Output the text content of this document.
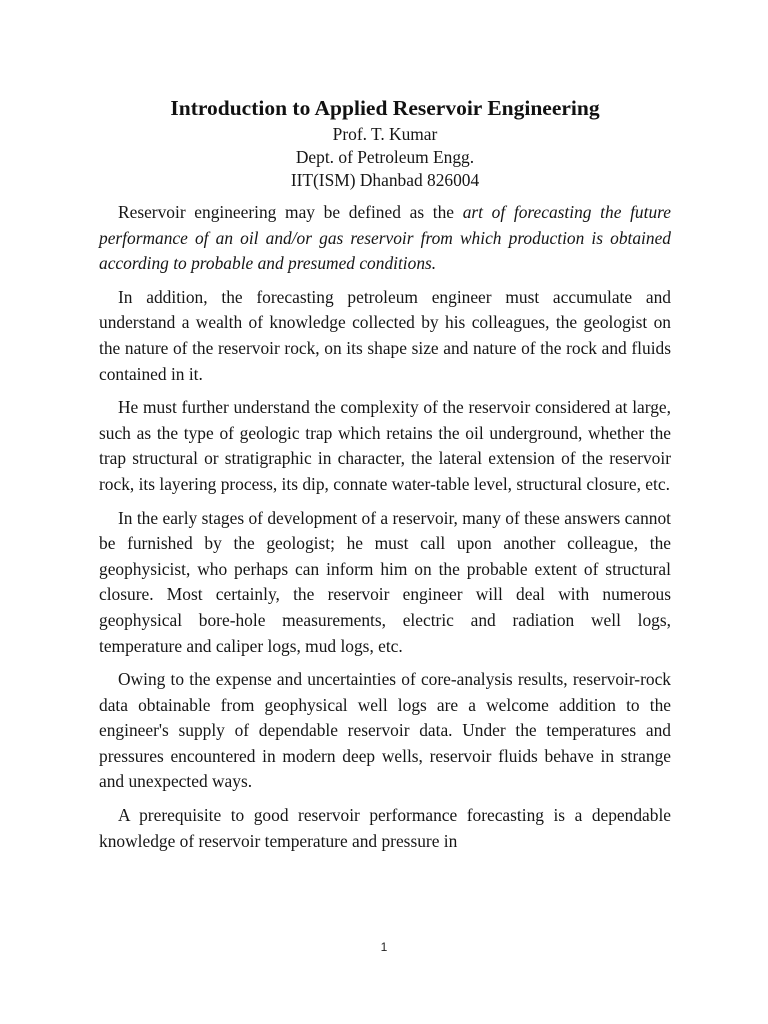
Introduction to Applied Reservoir Engineering

Prof. T. Kumar

Dept. of Petroleum Engg.

IIT(ISM) Dhanbad 826004

Reservoir engineering may be defined as the art of forecasting the future performance of an oil and/or gas reservoir from which production is obtained according to probable and presumed conditions.

In addition, the forecasting petroleum engineer must accumulate and understand a wealth of knowledge collected by his colleagues, the geologist on the nature of the reservoir rock, on its shape size and nature of the rock and fluids contained in it.

He must further understand the complexity of the reservoir considered at large, such as the type of geologic trap which retains the oil underground, whether the trap structural or stratigraphic in character, the lateral extension of the reservoir rock, its layering process, its dip, connate water-table level, structural closure, etc.

In the early stages of development of a reservoir, many of these answers cannot be furnished by the geologist; he must call upon another colleague, the geophysicist, who perhaps can inform him on the probable extent of structural closure. Most certainly, the reservoir engineer will deal with numerous geophysical bore-hole measurements, electric and radiation well logs, temperature and caliper logs, mud logs, etc.

Owing to the expense and uncertainties of core-analysis results, reservoir-rock data obtainable from geophysical well logs are a welcome addition to the engineer's supply of dependable reservoir data. Under the temperatures and pressures encountered in modern deep wells, reservoir fluids behave in strange and unexpected ways.

A prerequisite to good reservoir performance forecasting is a dependable knowledge of reservoir temperature and pressure in

1
